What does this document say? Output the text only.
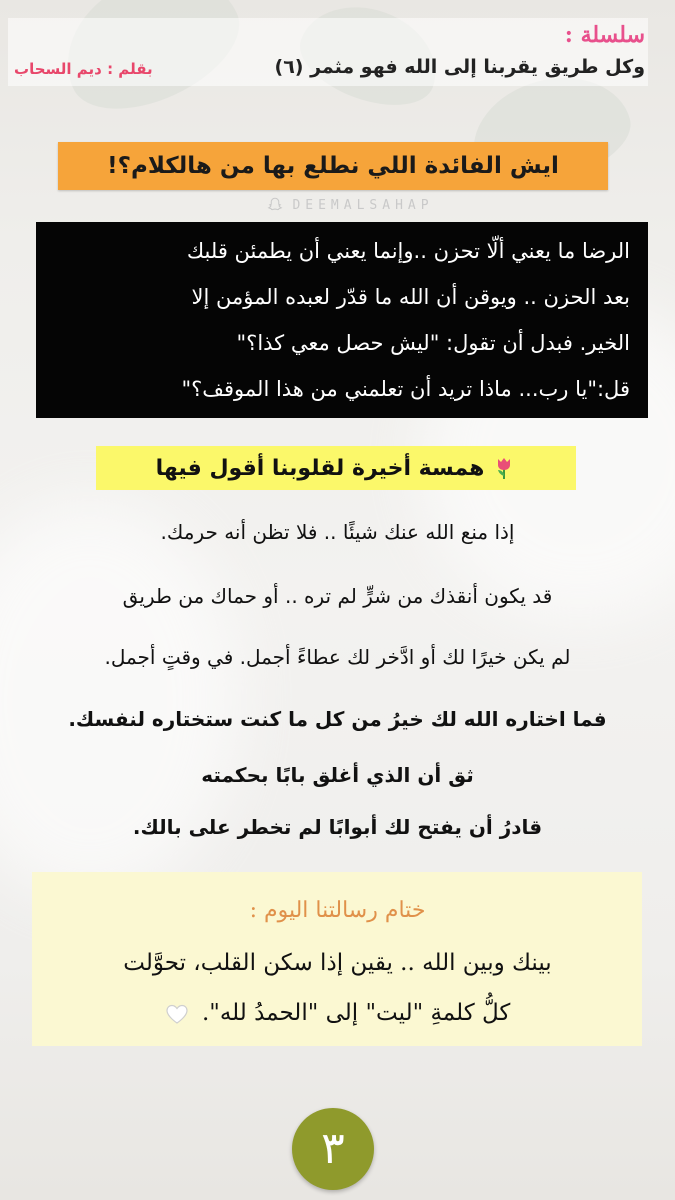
سلسلة :
وكل طريق يقربنا إلى الله فهو مثمر (٦)
بقلم : ديم السحاب
ايش الفائدة اللي نطلع بها من هالكلام؟!
DEEMALSAHAP

الرضا ما يعني ألّا تحزن ..وإنما يعني أن يطمئن قلبك

بعد الحزن .. ويوقن أن الله ما قدّر لعبده المؤمن إلا

الخير. فبدل أن تقول: "ليش حصل معي كذا؟"

قل:"يا رب... ماذا تريد أن تعلمني من هذا الموقف؟"

همسة أخيرة لقلوبنا أقول فيها
إذا منع الله عنك شيئًا .. فلا تظن أنه حرمك.
قد يكون أنقذك من شرٍّ لم تره .. أو حماك من طريق
لم يكن خيرًا لك أو ادَّخر لك عطاءً أجمل. في وقتٍ أجمل.
فما اختاره الله لك خيرُ من كل ما كنت ستختاره لنفسك.
ثق أن الذي أغلق بابًا بحكمته
قادرُ أن يفتح لك أبوابًا لم تخطر على بالك.
ختام رسالتنا اليوم :
بينك وبين الله .. يقين إذا سكن القلب، تحوَّلت
كلُّ كلمةِ "ليت" إلى "الحمدُ لله".
٣
